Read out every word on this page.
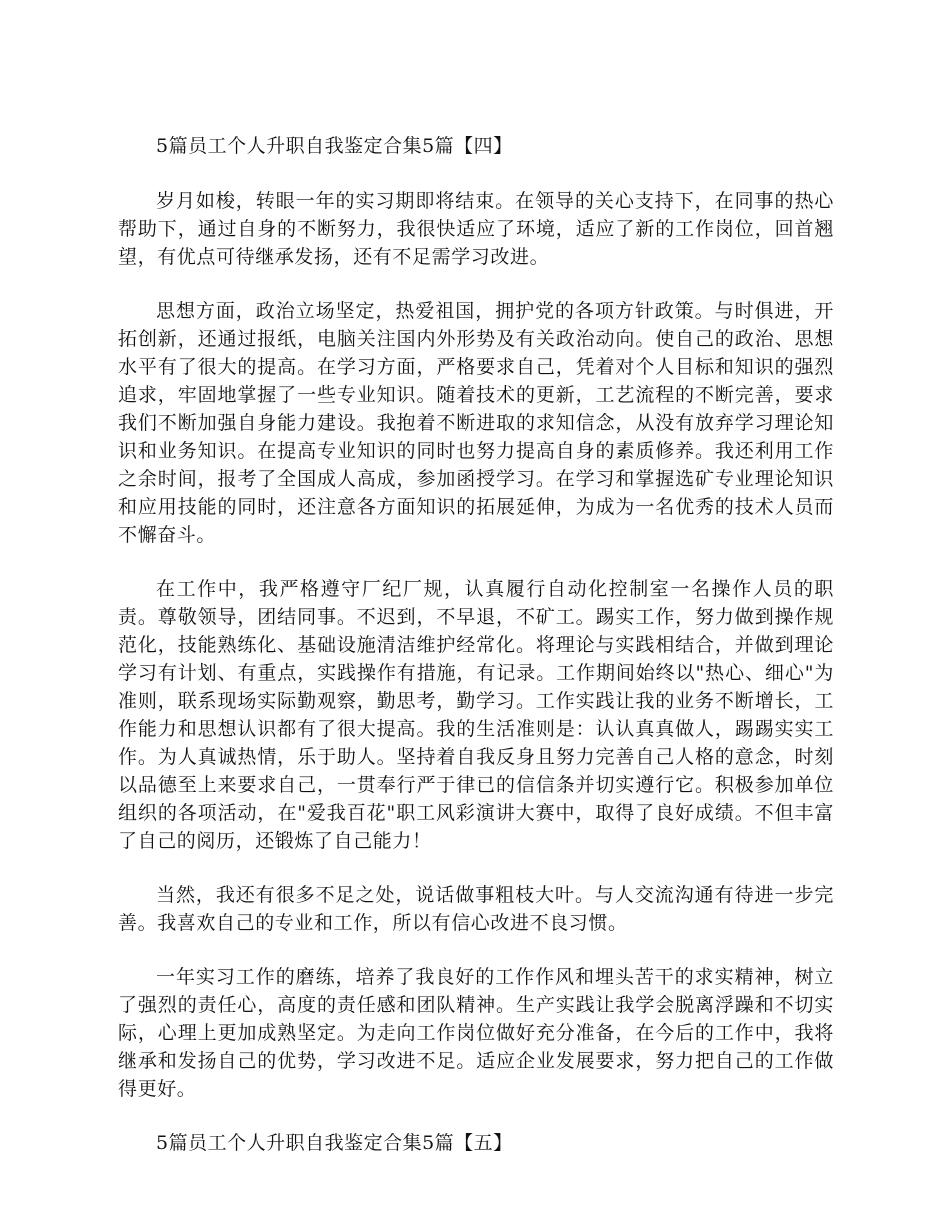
5篇员工个人升职自我鉴定合集5篇【四】

岁月如梭，转眼一年的实习期即将结束。在领导的关心支持下，在同事的热心帮助下，通过自身的不断努力，我很快适应了环境，适应了新的工作岗位，回首翘望，有优点可待继承发扬，还有不足需学习改进。

思想方面，政治立场坚定，热爱祖国，拥护党的各项方针政策。与时俱进，开拓创新，还通过报纸，电脑关注国内外形势及有关政治动向。使自己的政治、思想水平有了很大的提高。在学习方面，严格要求自己，凭着对个人目标和知识的强烈追求，牢固地掌握了一些专业知识。随着技术的更新，工艺流程的不断完善，要求我们不断加强自身能力建设。我抱着不断进取的求知信念，从没有放弃学习理论知识和业务知识。在提高专业知识的同时也努力提高自身的素质修养。我还利用工作之余时间，报考了全国成人高成，参加函授学习。在学习和掌握选矿专业理论知识和应用技能的同时，还注意各方面知识的拓展延伸，为成为一名优秀的技术人员而不懈奋斗。

在工作中，我严格遵守厂纪厂规，认真履行自动化控制室一名操作人员的职责。尊敬领导，团结同事。不迟到，不早退，不矿工。踢实工作，努力做到操作规范化，技能熟练化、基础设施清洁维护经常化。将理论与实践相结合，并做到理论学习有计划、有重点，实践操作有措施，有记录。工作期间始终以"热心、细心"为准则，联系现场实际勤观察，勤思考，勤学习。工作实践让我的业务不断增长，工作能力和思想认识都有了很大提高。我的生活准则是：认认真真做人，踢踢实实工作。为人真诚热情，乐于助人。坚持着自我反身且努力完善自己人格的意念，时刻以品德至上来要求自己，一贯奉行严于律已的信信条并切实遵行它。积极参加单位组织的各项活动，在"爱我百花"职工风彩演讲大赛中，取得了良好成绩。不但丰富了自己的阅历，还锻炼了自己能力！

当然，我还有很多不足之处，说话做事粗枝大叶。与人交流沟通有待进一步完善。我喜欢自己的专业和工作，所以有信心改进不良习惯。

一年实习工作的磨练，培养了我良好的工作作风和埋头苦干的求实精神，树立了强烈的责任心，高度的责任感和团队精神。生产实践让我学会脱离浮躁和不切实际，心理上更加成熟坚定。为走向工作岗位做好充分准备，在今后的工作中，我将继承和发扬自己的优势，学习改进不足。适应企业发展要求，努力把自己的工作做得更好。

5篇员工个人升职自我鉴定合集5篇【五】
